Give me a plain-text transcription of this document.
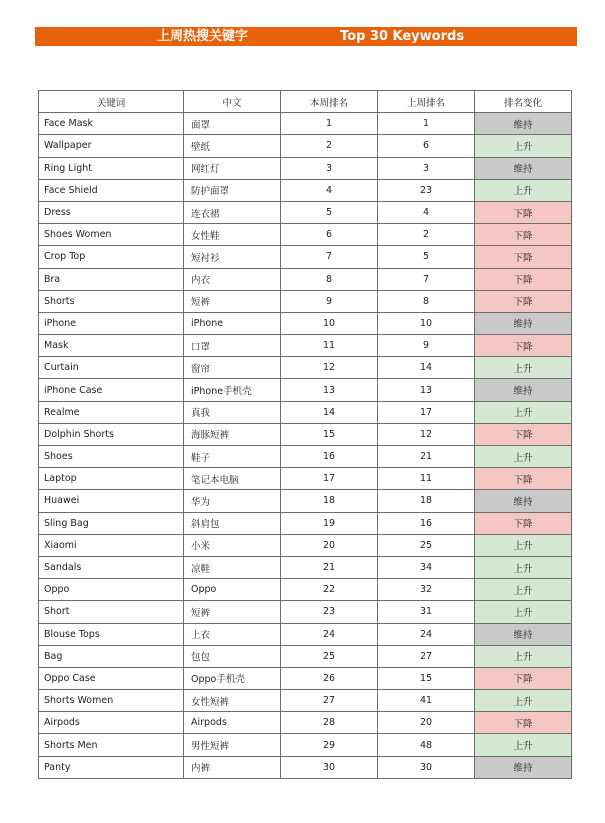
上周热搜关键字	Top 30 Keywords
关键词	中文	本周排名	上周排名	排名变化
Face Mask	面罩	1	1	维持
Wallpaper	壁纸	2	6	上升
Ring Light	网红灯	3	3	维持
Face Shield	防护面罩	4	23	上升
Dress	连衣裙	5	4	下降
Shoes Women	女性鞋	6	2	下降
Crop Top	短衬衫	7	5	下降
Bra	内衣	8	7	下降
Shorts	短裤	9	8	下降
iPhone	iPhone	10	10	维持
Mask	口罩	11	9	下降
Curtain	窗帘	12	14	上升
iPhone Case	iPhone手机壳	13	13	维持
Realme	真我	14	17	上升
Dolphin Shorts	海豚短裤	15	12	下降
Shoes	鞋子	16	21	上升
Laptop	笔记本电脑	17	11	下降
Huawei	华为	18	18	维持
Sling Bag	斜肩包	19	16	下降
Xiaomi	小米	20	25	上升
Sandals	凉鞋	21	34	上升
Oppo	Oppo	22	32	上升
Short	短裤	23	31	上升
Blouse Tops	上衣	24	24	维持
Bag	包包	25	27	上升
Oppo Case	Oppo手机壳	26	15	下降
Shorts Women	女性短裤	27	41	上升
Airpods	Airpods	28	20	下降
Shorts Men	男性短裤	29	48	上升
Panty	内裤	30	30	维持
